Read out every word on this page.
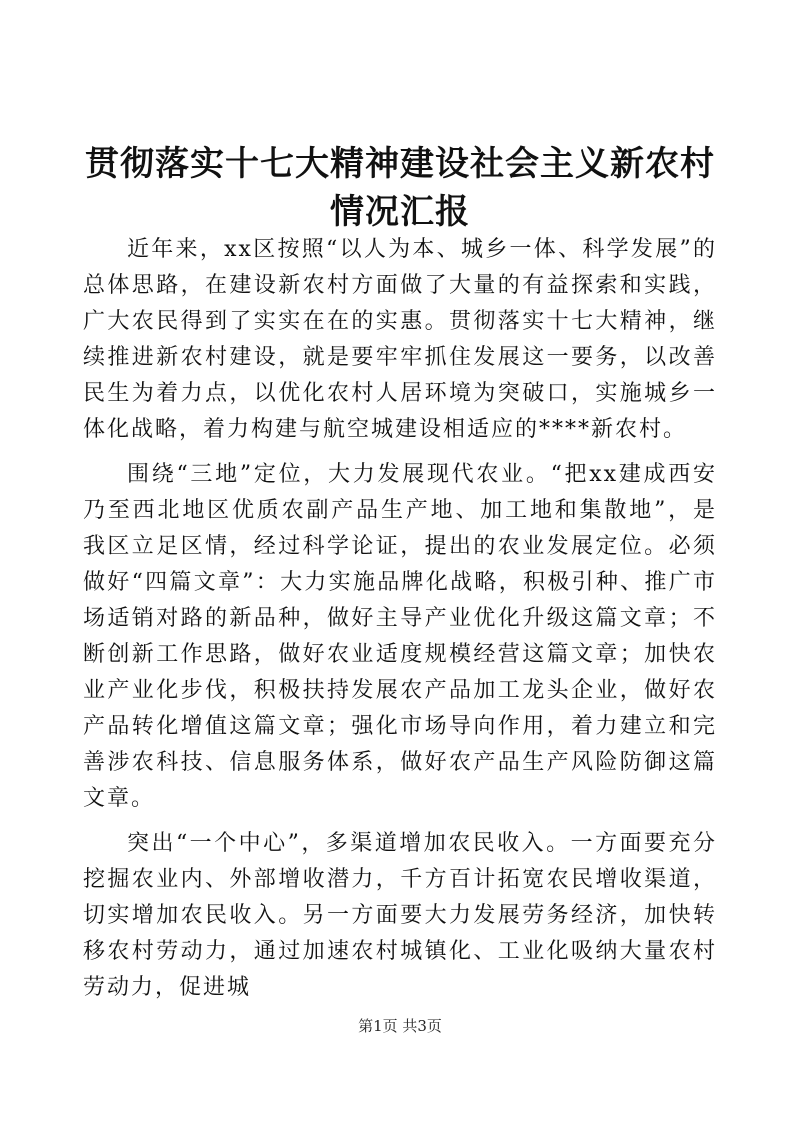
贯彻落实十七大精神建设社会主义新农村情况汇报

近年来，xx区按照“以人为本、城乡一体、科学发展”的总体思路，在建设新农村方面做了大量的有益探索和实践，广大农民得到了实实在在的实惠。贯彻落实十七大精神，继续推进新农村建设，就是要牢牢抓住发展这一要务，以改善民生为着力点，以优化农村人居环境为突破口，实施城乡一体化战略，着力构建与航空城建设相适应的****新农村。

围绕“三地”定位，大力发展现代农业。“把xx建成西安乃至西北地区优质农副产品生产地、加工地和集散地”，是我区立足区情，经过科学论证，提出的农业发展定位。必须做好“四篇文章”：大力实施品牌化战略，积极引种、推广市场适销对路的新品种，做好主导产业优化升级这篇文章；不断创新工作思路，做好农业适度规模经营这篇文章；加快农业产业化步伐，积极扶持发展农产品加工龙头企业，做好农产品转化增值这篇文章；强化市场导向作用，着力建立和完善涉农科技、信息服务体系，做好农产品生产风险防御这篇文章。

突出“一个中心”，多渠道增加农民收入。一方面要充分挖掘农业内、外部增收潜力，千方百计拓宽农民增收渠道，切实增加农民收入。另一方面要大力发展劳务经济，加快转移农村劳动力，通过加速农村城镇化、工业化吸纳大量农村劳动力，促进城

第1页 共3页
